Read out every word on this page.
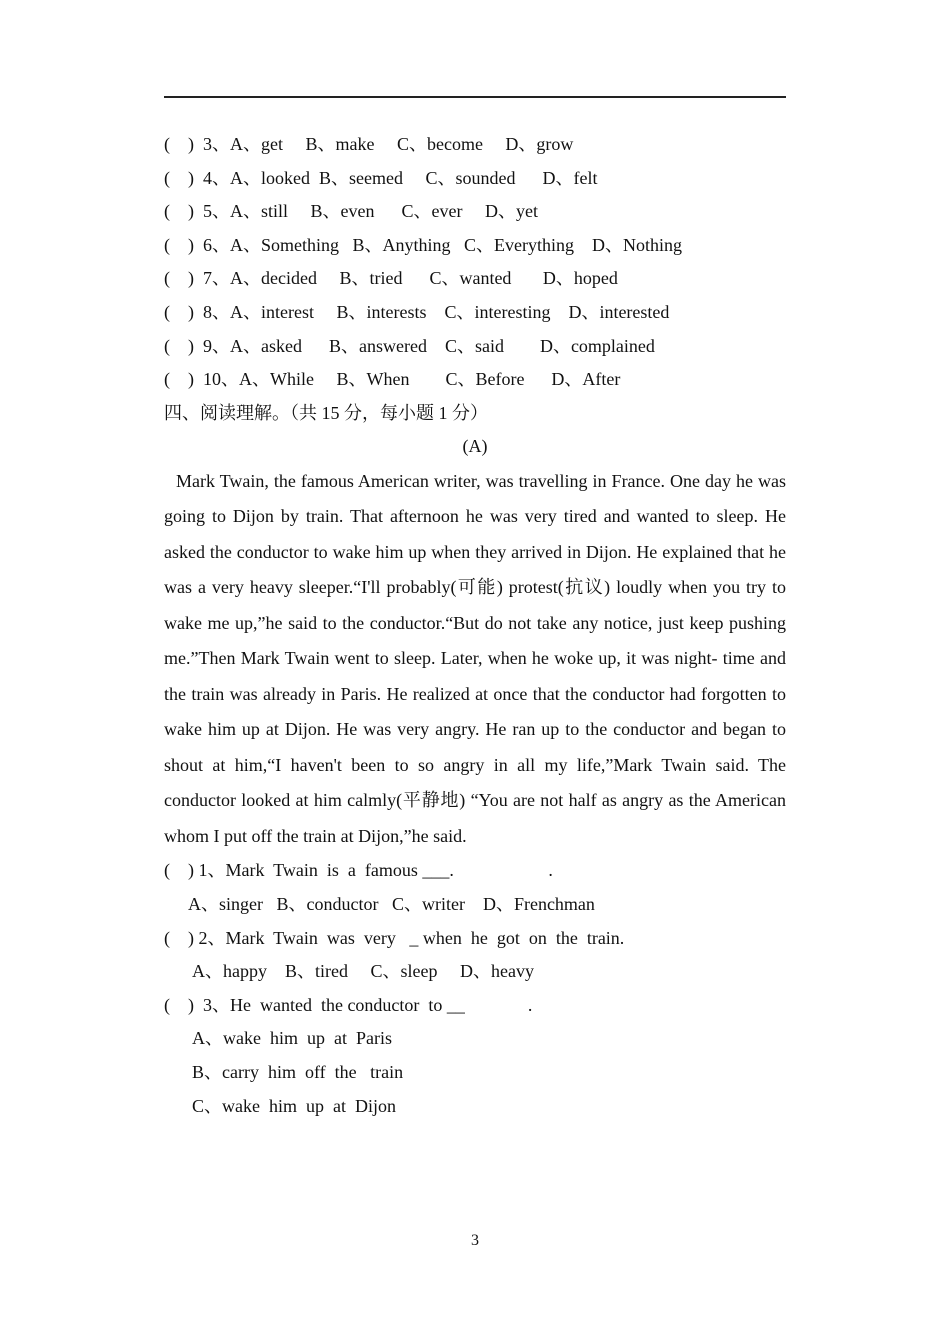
(    )  3、A、get     B、make     C、become     D、grow
(    )  4、A、looked  B、seemed     C、sounded      D、felt
(    )  5、A、still     B、even      C、ever     D、yet
(    )  6、A、Something   B、Anything   C、Everything    D、Nothing
(    )  7、A、decided     B、tried      C、wanted       D、hoped
(    )  8、A、interest     B、interests    C、interesting    D、interested
(    )  9、A、asked      B、answered    C、said        D、complained
(    )  10、A、While     B、When        C、Before      D、After
四、阅读理解。（共 15 分，每小题 1 分）
(A)

Mark Twain, the famous American writer, was travelling in France. One day he was going to Dijon by train. That afternoon he was very tired and wanted to sleep. He asked the conductor to wake him up when they arrived in Dijon. He explained that he was a very heavy sleeper.“I'll probably(可能) protest(抗议) loudly when you try to wake me up,”he said to the conductor.“But do not take any notice, just keep pushing me.”Then Mark Twain went to sleep. Later, when he woke up, it was night- time and the train was already in Paris. He realized at once that the conductor had forgotten to wake him up at Dijon. He was very angry. He ran up to the conductor and began to shout at him,“I haven't been to so angry in all my life,”Mark Twain said. The conductor looked at him calmly(平静地) “You are not half as angry as the American whom I put off the train at Dijon,”he said.

(    ) 1、Mark  Twain  is  a  famous ___.                     .
A、singer   B、conductor   C、writer    D、Frenchman
(    ) 2、Mark  Twain  was  very   _ when  he  got  on  the  train.
A、happy    B、tired     C、sleep     D、heavy
(    )  3、He  wanted  the conductor  to __              .
A、wake  him  up  at  Paris
B、carry  him  off  the   train
C、wake  him  up  at  Dijon
3
